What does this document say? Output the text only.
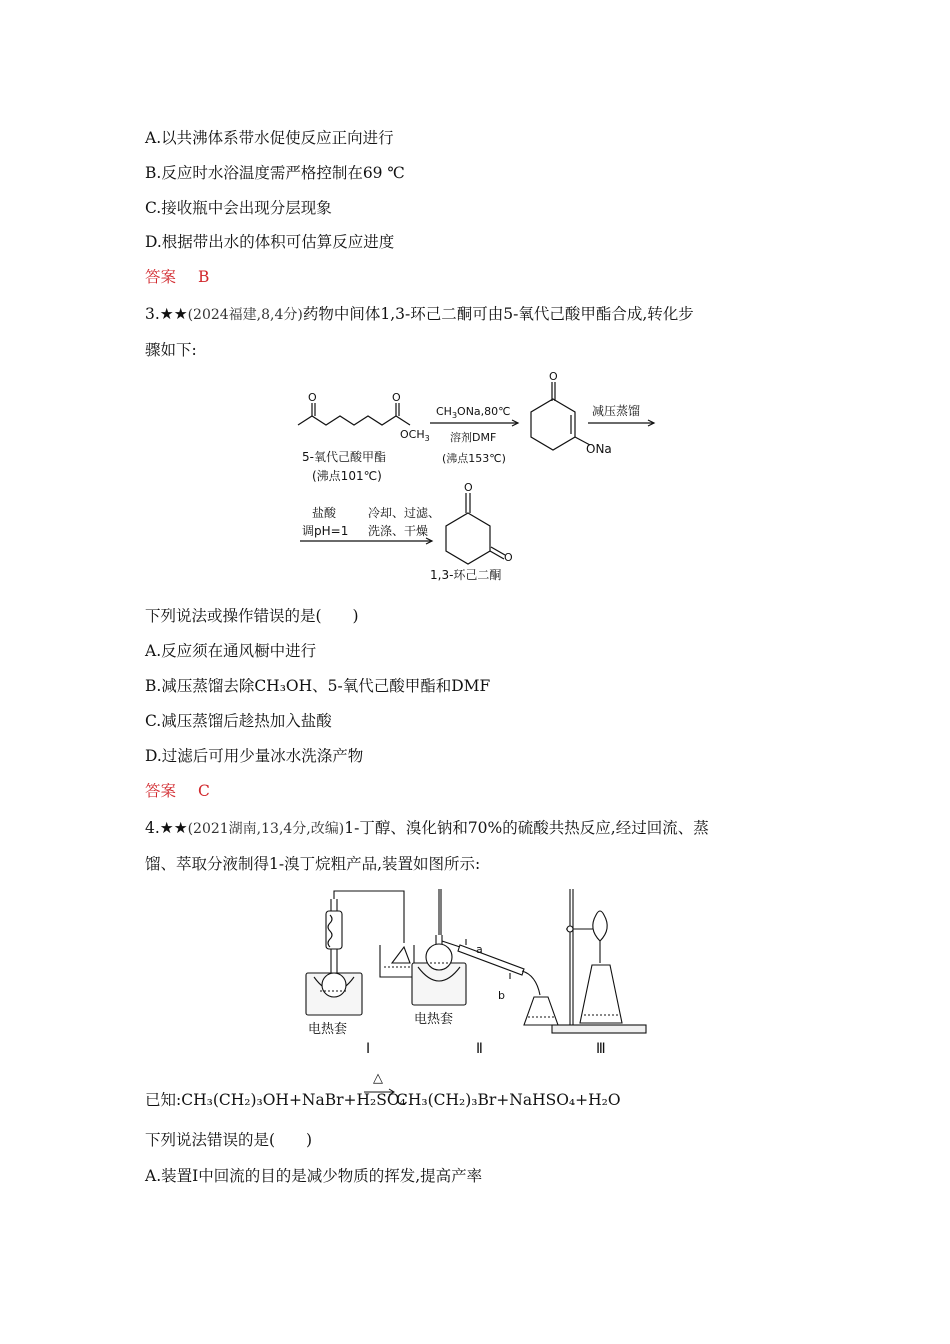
A.以共沸体系带水促使反应正向进行
B.反应时水浴温度需严格控制在69 ℃
C.接收瓶中会出现分层现象
D.根据带出水的体积可估算反应进度
答案 B
3.★★(2024福建,8,4分)药物中间体1,3-环己二酮可由5-氧代己酸甲酯合成,转化步
骤如下:
O	O
$OCH_3$
5-氧代己酸甲酯
(沸点101℃)
$CH_3ONa,80℃$
溶剂DMF
(沸点153℃)
O
ONa
减压蒸馏
盐酸
调pH=1
冷却、过滤、
洗涤、干燥
O
O
1,3-环己二酮
下列说法或操作错误的是(　　)
A.反应须在通风橱中进行
B.减压蒸馏去除CH₃OH、5-氧代己酸甲酯和DMF
C.减压蒸馏后趁热加入盐酸
D.过滤后可用少量冰水洗涤产物
答案 C
4.★★(2021湖南,13,4分,改编)1-丁醇、溴化钠和70%的硫酸共热反应,经过回流、蒸
馏、萃取分液制得1-溴丁烷粗产品,装置如图所示:
电热套
电热套
a
b
Ⅰ	Ⅱ	Ⅲ
已知:CH₃(CH₂)₃OH+NaBr+H₂SO₄
△
CH₃(CH₂)₃Br+NaHSO₄+H₂O
下列说法错误的是(　　)
A.装置Ⅰ中回流的目的是减少物质的挥发,提高产率
